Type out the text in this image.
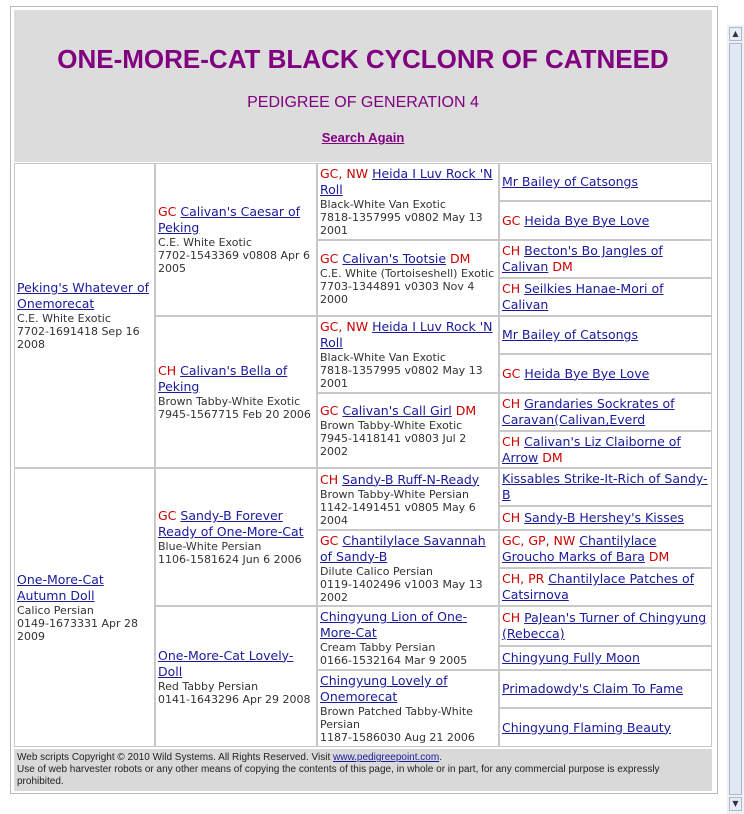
ONE-MORE-CAT BLACK CYCLONR OF CATNEED
PEDIGREE OF GENERATION 4
Search Again
Peking's Whatever of Onemorecat
C.E. White Exotic
7702-1691418 Sep 16 2008
One-More-Cat Autumn Doll
Calico Persian
0149-1673331 Apr 28 2009
GC Calivan's Caesar of Peking
C.E. White Exotic
7702-1543369 v0808 Apr 6 2005
CH Calivan's Bella of Peking
Brown Tabby-White Exotic
7945-1567715 Feb 20 2006
GC Sandy-B Forever Ready of One-More-Cat
Blue-White Persian
1106-1581624 Jun 6 2006
One-More-Cat Lovely-Doll
Red Tabby Persian
0141-1643296 Apr 29 2008
GC, NW Heida I Luv Rock 'N Roll
Black-White Van Exotic
7818-1357995 v0802 May 13 2001
GC Calivan's Tootsie DM
C.E. White (Tortoiseshell) Exotic
7703-1344891 v0303 Nov 4 2000
GC, NW Heida I Luv Rock 'N Roll
Black-White Van Exotic
7818-1357995 v0802 May 13 2001
GC Calivan's Call Girl DM
Brown Tabby-White Exotic
7945-1418141 v0803 Jul 2 2002
CH Sandy-B Ruff-N-Ready
Brown Tabby-White Persian
1142-1491451 v0805 May 6 2004
GC Chantilylace Savannah of Sandy-B
Dilute Calico Persian
0119-1402496 v1003 May 13 2002
Chingyung Lion of One-More-Cat
Cream Tabby Persian
0166-1532164 Mar 9 2005
Chingyung Lovely of Onemorecat
Brown Patched Tabby-White Persian
1187-1586030 Aug 21 2006
Mr Bailey of Catsongs
GC Heida Bye Bye Love
CH Becton's Bo Jangles of Calivan DM
CH Seilkies Hanae-Mori of Calivan
Mr Bailey of Catsongs
GC Heida Bye Bye Love
CH Grandaries Sockrates of Caravan(Calivan,Everd
CH Calivan's Liz Claiborne of Arrow DM
Kissables Strike-It-Rich of Sandy-B
CH Sandy-B Hershey's Kisses
GC, GP, NW Chantilylace Groucho Marks of Bara DM
CH, PR Chantilylace Patches of Catsirnova
CH PaJean's Turner of Chingyung (Rebecca)
Chingyung Fully Moon
Primadowdy's Claim To Fame
Chingyung Flaming Beauty
Web scripts Copyright © 2010 Wild Systems. All Rights Reserved. Visit www.pedigreepoint.com.
Use of web harvester robots or any other means of copying the contents of this page, in whole or in part, for any commercial purpose is expressly prohibited.
▲
▼
